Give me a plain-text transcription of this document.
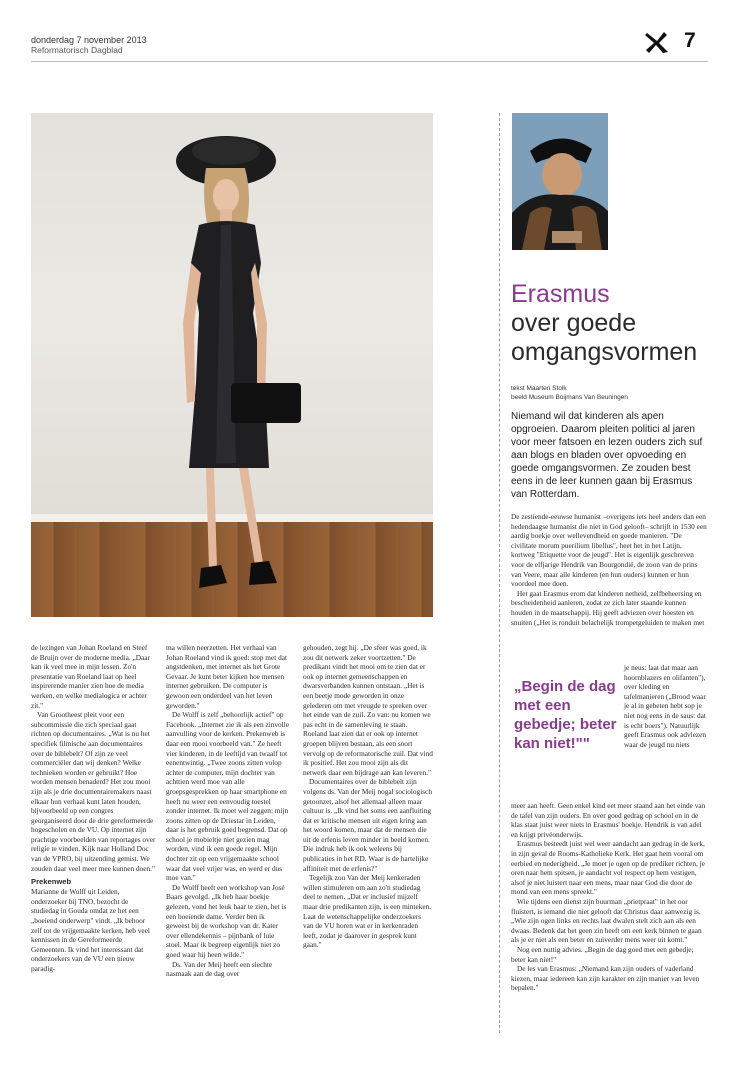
donderdag 7 november 2013
Reformatorisch Dagblad	7
Erasmus
over goede
omgangsvormen
tekst Maarten Stolk
beeld Museum Boijmans Van Beuningen
Niemand wil dat kinderen als apen opgroeien. Daarom pleiten politici al jaren voor meer fatsoen en lezen ouders zich suf aan blogs en bladen over opvoeding en goede omgangsvormen. Ze zouden best eens in de leer kunnen gaan bij Erasmus van Rotterdam.

De zestiende-eeuwse humanist –overigens iets heel anders dan een hedendaagse humanist die niet in God gelooft– schrijft in 1530 een aardig boekje over wellevendheid en goede manieren. "De civilitate morum puerilium libellus", heet het in het Latijn, kortweg "Etiquette voor de jeugd". Het is eigenlijk geschreven voor de elfjarige Hendrik van Bourgondië, de zoon van de prins van Veere, maar alle kinderen (en hun ouders) kunnen er hun voordeel mee doen.

Het gaat Erasmus erom dat kinderen netheid, zelfbeheersing en bescheidenheid aanleren, zodat ze zich later staande kunnen houden in de maatschappij. Hij geeft adviezen over hoesten en snuiten („Het is ronduit belachelijk trompetgeluiden te maken met

„Begin de dag met een gebedje; beter kan niet!""

je neus: laat dat maar aan hoornblazers en olifanten"), over kleding en tafelmanieren („Brood waar je al in gebeten hebt sop je niet nog eens in de saus: dat is echt boers"). Natuurlijk geeft Erasmus ook adviezen waar de jeugd nu niets

meer aan heeft. Geen enkel kind eet meer staand aan het einde van de tafel van zijn ouders. En over goed gedrag op school en in de klas staat juist weer niets in Erasmus' boekje. Hendrik is van adel en krijgt privéonderwijs.

Erasmus besteedt juist wel weer aandacht aan gedrag in de kerk, in zijn geval de Rooms-Katholieke Kerk. Het gaat hem vooral om eerbied en nederigheid. „Je moet je ogen op de prediker richten, je oren naar hem spitsen, je aandacht vol respect op hem vestigen, alsof je niet luistert naar een mens, maar naar God die door de mond van een mens spreekt."

Wie tijdens een dienst zijn buurman „prietpraat" in het oor fluistert, is iemand die niet gelooft dat Christus daar aanwezig is. „Wie zijn ogen links en rechts laat dwalen stelt zich aan als een dwaas. Bedenk dat het geen zin heeft om een kerk binnen te gaan als je er niet als een beter en zuiverder mens weer uit komt."

Nog een nuttig advies. „Begin de dag goed met een gebedje; beter kan niet!"

De les van Erasmus: „Niemand kan zijn ouders of vaderland kiezen, maar iedereen kan zijn karakter en zijn manier van leven bepalen."

de lezingen van Johan Roeland en Steef de Bruijn over de moderne media. „Daar kan ik veel mee in mijn lessen. Zo'n presentatie van Roeland laat op heel inspirerende manier zien hoe de media werken, en welke medialogica er achter zit."

Van Grootheest pleit voor een subcommissie die zich speciaal gaat richten op documentaires. „Wat is nu het specifiek filmische aan documentaires over de biblebelt? Of zijn ze veel commerciëler dan wij denken? Welke technieken worden er gebruikt? Hoe worden mensen benaderd? Het zou mooi zijn als je drie documentairemakers naast elkaar hun verhaal kunt laten houden, bijvoorbeeld op een congres georganiseerd door de drie gereformeerde hogescholen en de VU. Op internet zijn prachtige voorbeelden van reportages over religie te vinden. Kijk naar Holland Doc van de VPRO, bij uitzending gemist. We zouden daar veel meer mee kunnen doen."

Prekenweb

Marianne de Wolff uit Leiden, onderzoeker bij TNO, bezocht de studiedag in Gouda omdat ze het een „boeiend onderwerp" vindt. „Ik behoor zelf tot de vrijgemaakte kerken, heb veel kennissen in de Gereformeerde Gemeenten. Ik vind het interessant dat onderzoekers van de VU een nieuw paradig-

ma willen neerzetten. Het verhaal van Johan Roeland vind ik goed: stop met dat angstdenken, met internet als het Grote Gevaar. Je kunt beter kijken hoe mensen internet gebruiken. De computer is gewoon een onderdeel van het leven geworden."

De Wolff is zelf „behoorlijk actief" op Facebook. „Internet zie ik als een zinvolle aanvulling voor de kerken. Prekenweb is daar een mooi voorbeeld van." Ze heeft vier kinderen, in de leeftijd van twaalf tot eenentwintig. „Twee zoons zitten volop achter de computer, mijn dochter van achttien werd moe van alle groepsgesprekken op haar smartphone en heeft nu weer een eenvoudig toestel zonder internet. Ik moet wel zeggen: mijn zoons zitten op de Driestar in Leiden, daar is het gebruik goed begrensd. Dat op school je mobieltje niet gezien mag worden, vind ik een goede regel. Mijn dochter zit op een vrijgemaakte school waar dat veel vrijer was, en werd er dus moe van."

De Wolff heeft een workshop van José Baars gevolgd. „Ik heb haar boekje gelezen, vond het leuk haar te zien, het is een boeiende dame. Verder ben ik geweest bij de workshop van dr. Kater over ellendekennis – pijnbank of luie stoel. Maar ik begreep eigenlijk niet zo goed waar hij heen wilde."

Ds. Van der Meij heeft een slechte nasmaak aan de dag over

gehouden, zegt hij. „De sfeer was goed, ik zou dit netwerk zeker voortzetten." De predikant vindt het mooi om te zien dat er ook op internet gemeenschappen en dwarsverbanden kunnen ontstaan. „Het is een beetje mode geworden in onze gelederen om met vreugde te spreken over het einde van de zuil. Zo van: nu komen we pas echt in de samenleving te staan. Roeland laat zien dat er ook op internet groepen blijven bestaan, als een soort vervolg op de reformatorische zuil. Dat vind ik positief. Het zou mooi zijn als dit netwerk daar een bijdrage aan kan leveren."

Documentaires over de biblebelt zijn volgens ds. Van der Meij nogal sociologisch getoonzet, alsof het allemaal alleen maar cultuur is. „Ik vind het soms een aanfluiting dat er kritische mensen uit eigen kring aan het woord komen, maar dat de mensen die uit de erfenis leven minder in beeld komen. Die indruk heb ik ook weleens bij publicaties in het RD. Waar is de hartelijke affiniteit met de erfenis?"

Tegelijk zou Van der Meij kenkeraden willen stimuleren om aan zo'n studiedag deel te nemen. „Dat er inclusief mijzelf maar drie predikanten zijn, is een minteken. Laat de wetenschappelijke onderzoekers van de VU horen wat er in kerkenraden leeft, zodat je daarover in gesprek kunt gaan."
